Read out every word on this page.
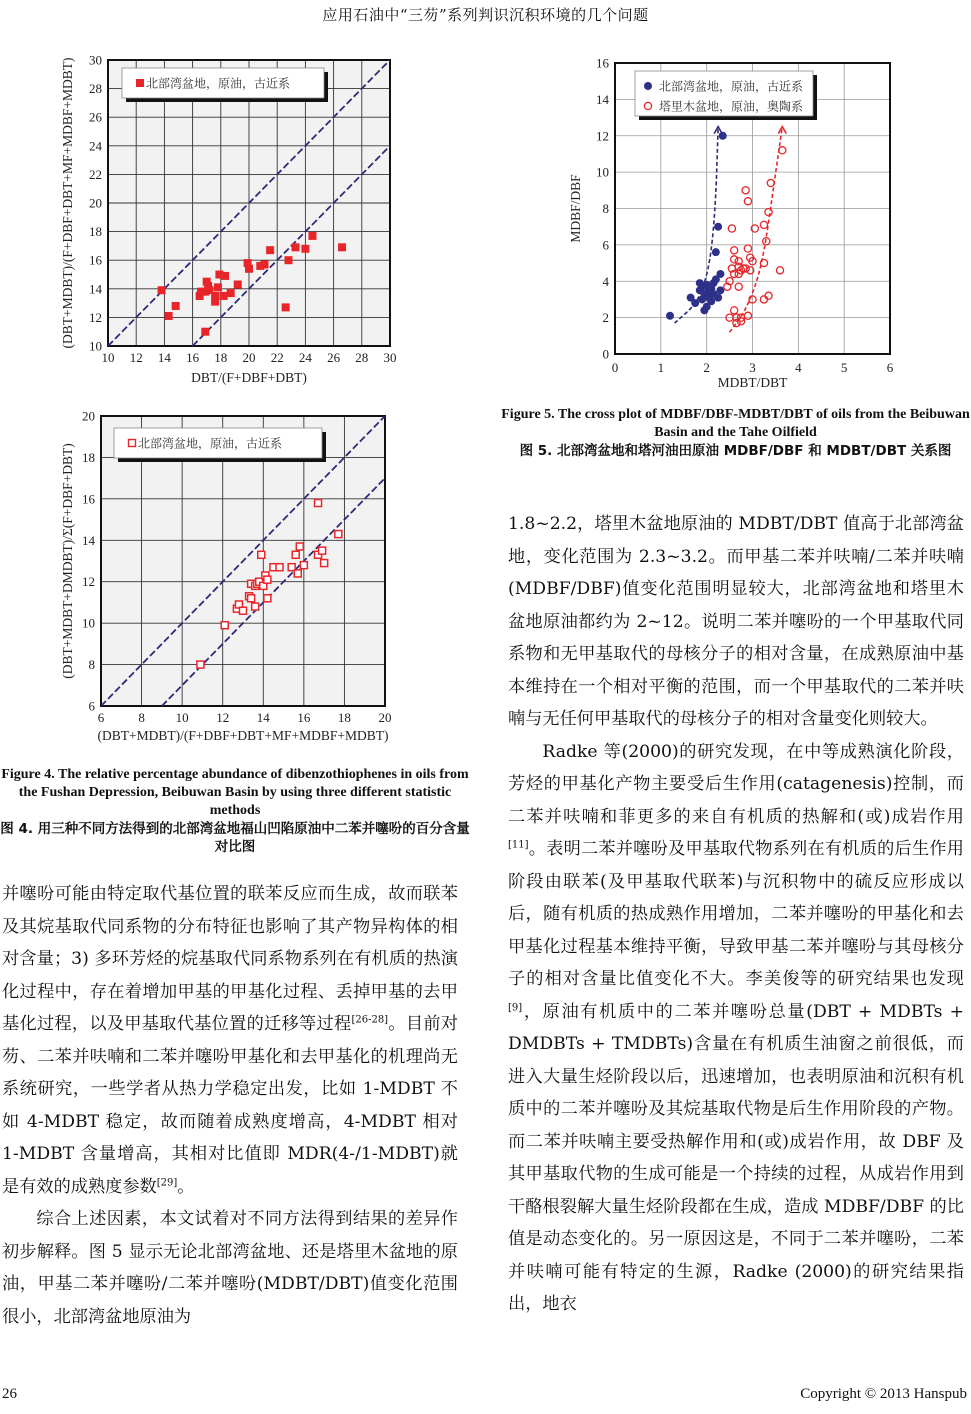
应用石油中“三芴”系列判识沉积环境的几个问题
10 12 14 16 18 20 22 24 26 28 30
10
12
14
16
18
20
22
24
26
28
30
北部湾盆地，原油，古近系
DBT/(F+DBF+DBT)
(DBT+MDBT)/(F+DBF+DBT+MF+MDBF+MDBT)
6	8 10 12 14 16 18 20
6
8
10
12
14
16
18
20
北部湾盆地，原油，古近系
(DBT+MDBT)/(F+DBF+DBT+MF+MDBF+MDBT)
(DBT+MDBT+DMDBT)/Σ(F+DBF+DBT)
0	1	2	3	4	5	6
0
2
4
6
8
10
12
14
16
北部湾盆地，原油，古近系
塔里木盆地，原油，奥陶系
MDBT/DBT
MDBF/DBF
Figure 4. The relative percentage abundance of dibenzothiophenes in oils from the Fushan Depression, Beibuwan Basin by using three different statistic methods
图 4. 用三种不同方法得到的北部湾盆地福山凹陷原油中二苯并噻吩的百分含量对比图
Figure 5. The cross plot of MDBF/DBF-MDBT/DBT of oils from the Beibuwan Basin and the Tahe Oilfield
图 5. 北部湾盆地和塔河油田原油 MDBF/DBF 和 MDBT/DBT 关系图

并噻吩可能由特定取代基位置的联苯反应而生成，故而联苯及其烷基取代同系物的分布特征也影响了其产物异构体的相对含量；3) 多环芳烃的烷基取代同系物系列在有机质的热演化过程中，存在着增加甲基的甲基化过程、丢掉甲基的去甲基化过程，以及甲基取代基位置的迁移等过程[26-28]。目前对芴、二苯并呋喃和二苯并噻吩甲基化和去甲基化的机理尚无系统研究，一些学者从热力学稳定出发，比如 1-MDBT 不如 4-MDBT 稳定，故而随着成熟度增高，4-MDBT 相对 1-MDBT 含量增高，其相对比值即 MDR(4-/1-MDBT)就是有效的成熟度参数[29]。

综合上述因素，本文试着对不同方法得到结果的差异作初步解释。图 5 显示无论北部湾盆地、还是塔里木盆地的原油，甲基二苯并噻吩/二苯并噻吩(MDBT/DBT)值变化范围很小，北部湾盆地原油为

1.8~2.2，塔里木盆地原油的 MDBT/DBT 值高于北部湾盆地，变化范围为 2.3~3.2。而甲基二苯并呋喃/二苯并呋喃(MDBF/DBF)值变化范围明显较大，北部湾盆地和塔里木盆地原油都约为 2~12。说明二苯并噻吩的一个甲基取代同系物和无甲基取代的母核分子的相对含量，在成熟原油中基本维持在一个相对平衡的范围，而一个甲基取代的二苯并呋喃与无任何甲基取代的母核分子的相对含量变化则较大。

Radke 等(2000)的研究发现，在中等成熟演化阶段，芳烃的甲基化产物主要受后生作用(catagenesis)控制，而二苯并呋喃和菲更多的来自有机质的热解和(或)成岩作用[11]。表明二苯并噻吩及甲基取代物系列在有机质的后生作用阶段由联苯(及甲基取代联苯)与沉积物中的硫反应形成以后，随有机质的热成熟作用增加，二苯并噻吩的甲基化和去甲基化过程基本维持平衡，导致甲基二苯并噻吩与其母核分子的相对含量比值变化不大。李美俊等的研究结果也发现[9]，原油有机质中的二苯并噻吩总量(DBT + MDBTs + DMDBTs + TMDBTs)含量在有机质生油窗之前很低，而进入大量生烃阶段以后，迅速增加，也表明原油和沉积有机质中的二苯并噻吩及其烷基取代物是后生作用阶段的产物。而二苯并呋喃主要受热解作用和(或)成岩作用，故 DBF 及其甲基取代物的生成可能是一个持续的过程，从成岩作用到干酪根裂解大量生烃阶段都在生成，造成 MDBF/DBF 的比值是动态变化的。另一原因这是，不同于二苯并噻吩，二苯并呋喃可能有特定的生源，Radke (2000)的研究结果指出，地衣

26	Copyright © 2013 Hanspub
